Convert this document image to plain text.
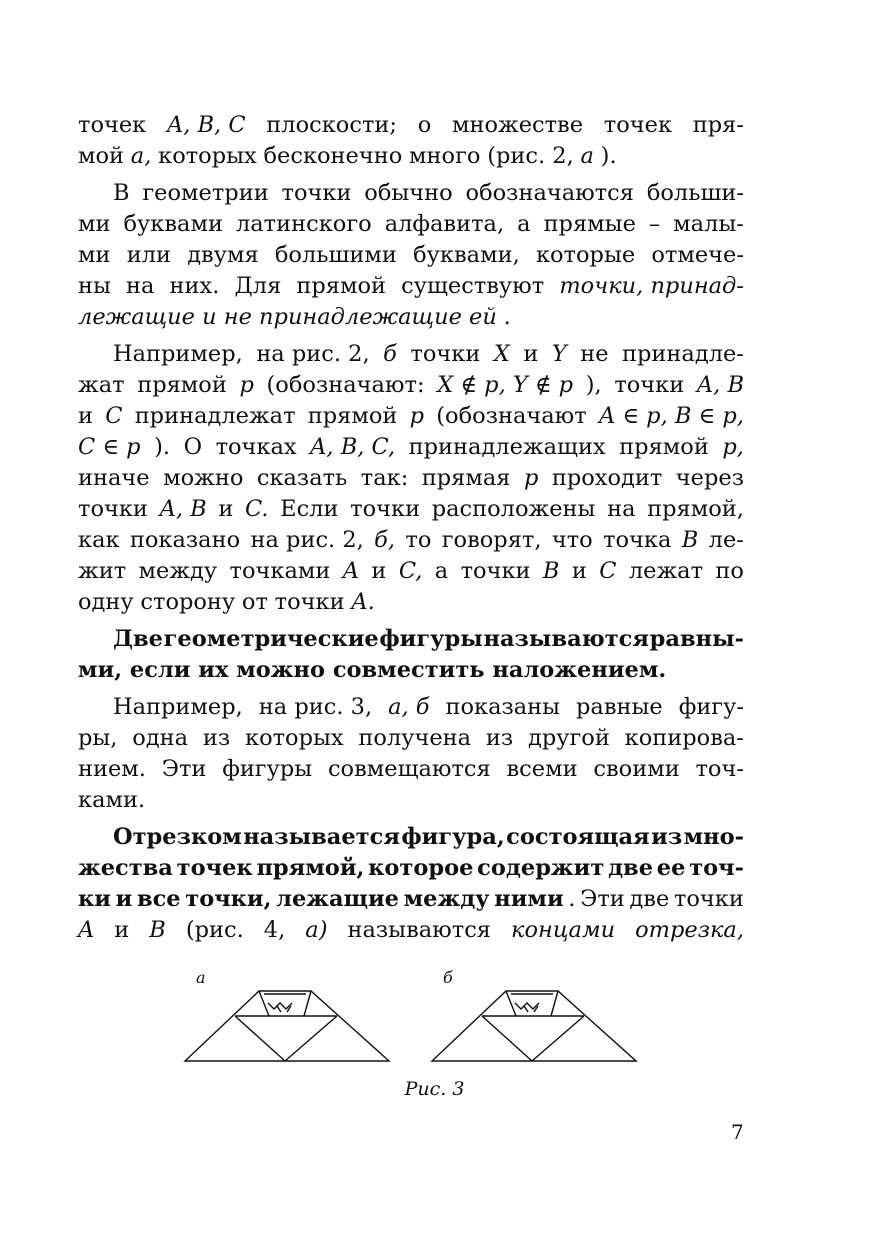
точек A, B, C плоскости; о множестве точек пря-
мой a, которых бесконечно много (рис. 2, а ).
В геометрии точки обычно обозначаются больши-
ми буквами латинского алфавита, а прямые – малы-
ми или двумя большими буквами, которые отмече-
ны на них. Для прямой существуют точки, принад-
лежащие и не принадлежащие ей .
Например, на рис. 2, б точки X и Y не принадле-
жат прямой p (обозначают: X ∉ p, Y ∉ p ), точки A, B
и C принадлежат прямой p (обозначают A ∈ p, B ∈ p,
C ∈ p ). О точках A, B, C, принадлежащих прямой p,
иначе можно сказать так: прямая p проходит через
точки A, B и C. Если точки расположены на прямой,
как показано на рис. 2, б, то говорят, что точка B ле-
жит между точками A и C, а точки B и C лежат по
одну сторону от точки A.
Две геометрические фигуры называются равны-
ми, если их можно совместить наложением.
Например, на рис. 3, а, б показаны равные фигу-
ры, одна из которых получена из другой копирова-
нием. Эти фигуры совмещаются всеми своими точ-
ками.
Отрезком называется фигура, состоящая из мно-
жества точек прямой, которое содержит две ее точ-
ки и все точки, лежащие между ними . Эти две точки
A и B (рис. 4, а) называются концами отрезка,
а	б
Рис. 3
7
